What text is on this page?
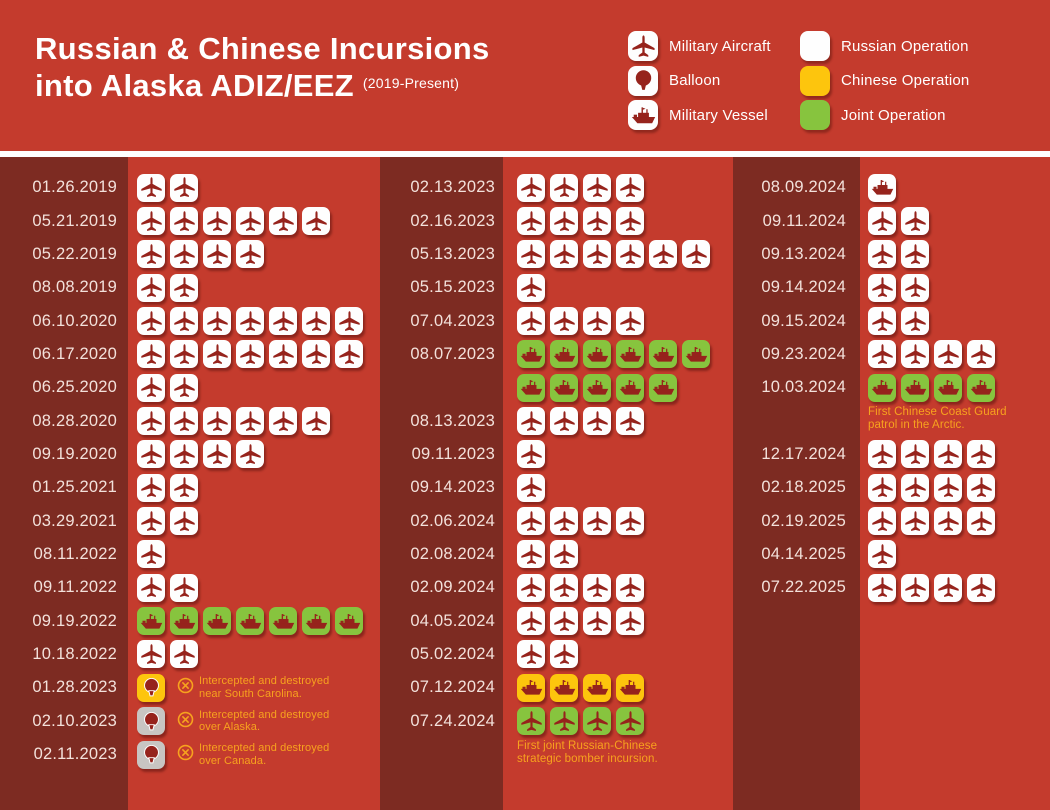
Russian & Chinese Incursions
into Alaska ADIZ/EEZ $^{(2019-Present)}$
Military Aircraft
Balloon
Military Vessel
Russian Operation
Chinese Operation
Joint Operation
01.26.2019
05.21.2019
05.22.2019
08.08.2019
06.10.2020
06.17.2020
06.25.2020
08.28.2020
09.19.2020
01.25.2021
03.29.2021
08.11.2022
09.11.2022
09.19.2022
10.18.2022
01.28.2023	Intercepted and destroyed near South Carolina.
02.10.2023	Intercepted and destroyed over Alaska.
02.11.2023	Intercepted and destroyed over Canada.
02.13.2023
02.16.2023
05.13.2023
05.15.2023
07.04.2023
08.07.2023
08.13.2023
09.11.2023
09.14.2023
02.06.2024
02.08.2024
02.09.2024
04.05.2024
05.02.2024
07.12.2024
07.24.2024
First joint Russian-Chinese strategic bomber incursion.
08.09.2024
09.11.2024
09.13.2024
09.14.2024
09.15.2024
09.23.2024
10.03.2024
First Chinese Coast Guard patrol in the Arctic.
12.17.2024
02.18.2025
02.19.2025
04.14.2025
07.22.2025
